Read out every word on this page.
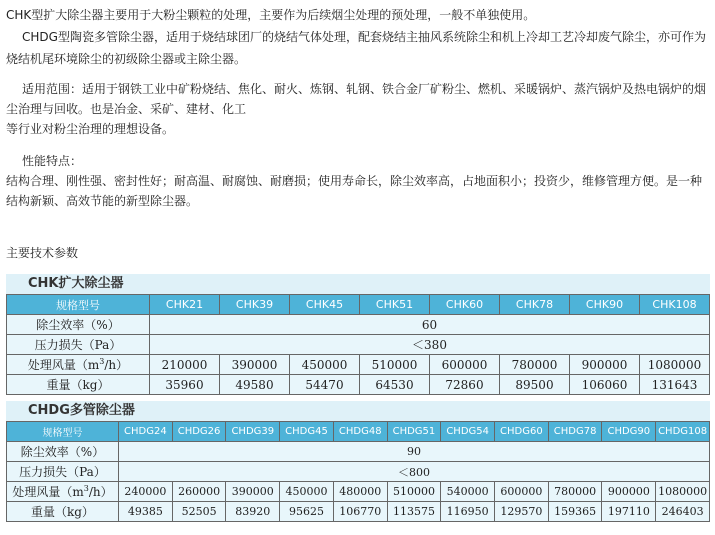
CHK型扩大除尘器主要用于大粉尘颗粒的处理，主要作为后续烟尘处理的预处理，一般不单独使用。

CHDG型陶瓷多管除尘器，适用于烧结球团厂的烧结气体处理，配套烧结主抽风系统除尘和机上冷却工艺冷却废气除尘，亦可作为

烧结机尾环境除尘的初级除尘器或主除尘器。

适用范围：适用于钢铁工业中矿粉烧结、焦化、耐火、炼钢、轧钢、铁合金厂矿粉尘、燃机、采暖锅炉、蒸汽锅炉及热电锅炉的烟

尘治理与回收。也是冶金、采矿、建材、化工

等行业对粉尘治理的理想设备。

性能特点：

结构合理、刚性强、密封性好；耐高温、耐腐蚀、耐磨损；使用寿命长，除尘效率高，占地面积小；投资少，维修管理方便。是一种

结构新颖、高效节能的新型除尘器。

主要技术参数
CHK扩大除尘器
规格型号	CHK21	CHK39	CHK45	CHK51	CHK60	CHK78	CHK90	CHK108
除尘效率（%）	60							
压力损失（Pa）	＜380							
处理风量$(m^3/h)$	210000	390000	450000	510000	600000	780000	900000	1080000
重量（kg）	35960	49580	54470	64530	72860	89500	106060	131643
CHDG多管除尘器
规格型号	CHDG24	CHDG26	CHDG39	CHDG45	CHDG48	CHDG51	CHDG54	CHDG60	CHDG78	CHDG90	CHDG108
除尘效率（%）	90										
压力损失（Pa）	＜800										
处理风量$(m^3/h)$	240000	260000	390000	450000	480000	510000	540000	600000	780000	900000	1080000
重量（kg）	49385	52505	83920	95625	106770	113575	116950	129570	159365	197110	246403
